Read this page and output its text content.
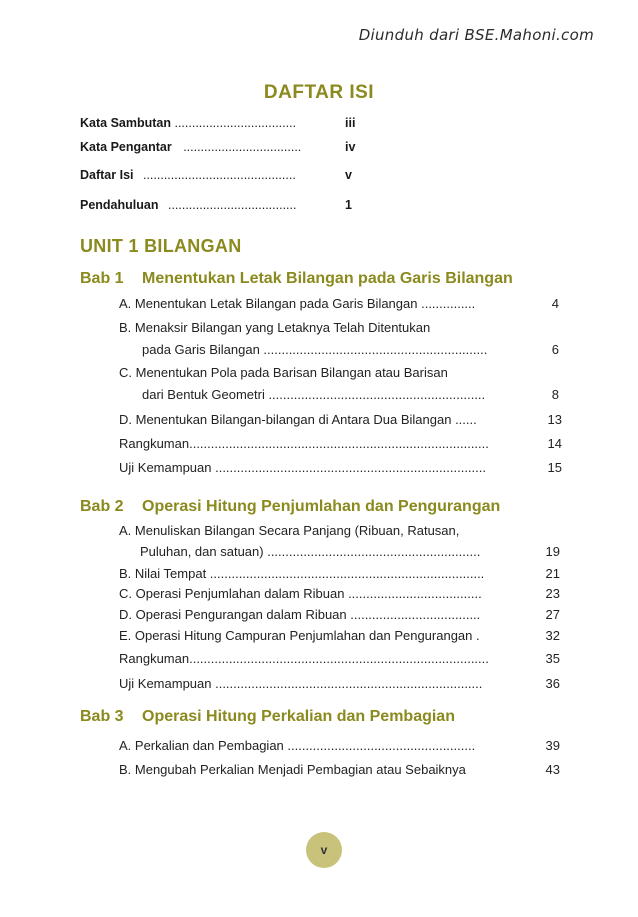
Diunduh dari BSE.Mahoni.com
DAFTAR ISI
Kata Sambutan ...................................	iii
Kata Pengantar ..................................	iv
Daftar Isi ............................................	v
Pendahuluan .....................................	1
UNIT 1 BILANGAN
Bab 1 Menentukan Letak Bilangan pada Garis Bilangan
A. Menentukan Letak Bilangan pada Garis Bilangan ...............	4
B. Menaksir Bilangan yang Letaknya Telah Ditentukan
pada Garis Bilangan ..............................................................	6
C. Menentukan Pola pada Barisan Bilangan atau Barisan
dari Bentuk Geometri ............................................................	8
D. Menentukan Bilangan-bilangan di Antara Dua Bilangan ......	13
Rangkuman...................................................................................	14
Uji Kemampuan ...........................................................................	15
Bab 2 Operasi Hitung Penjumlahan dan Pengurangan
A. Menuliskan Bilangan Secara Panjang (Ribuan, Ratusan,
Puluhan, dan satuan) ...........................................................	19
B. Nilai Tempat ............................................................................	21
C. Operasi Penjumlahan dalam Ribuan .....................................	23
D. Operasi Pengurangan dalam Ribuan ....................................	27
E. Operasi Hitung Campuran Penjumlahan dan Pengurangan .	32
Rangkuman...................................................................................	35
Uji Kemampuan ..........................................................................	36
Bab 3 Operasi Hitung Perkalian dan Pembagian
A. Perkalian dan Pembagian ....................................................	39
B. Mengubah Perkalian Menjadi Pembagian atau Sebaiknya	43
v
